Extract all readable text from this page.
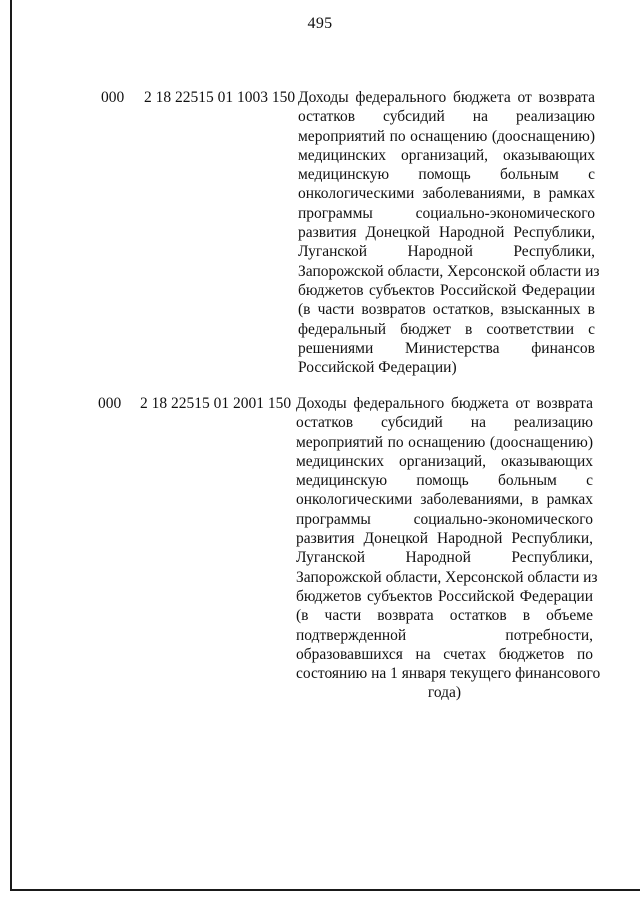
495
000 2 18 22515 01 1003 150 Доходы федерального бюджета от возврата
остатков субсидий на реализацию
мероприятий по оснащению (дооснащению)
медицинских организаций, оказывающих
медицинскую помощь больным с
онкологическими заболеваниями, в рамках
программы социально-экономического
развития Донецкой Народной Республики,
Луганской Народной Республики,
Запорожской области, Херсонской области из
бюджетов субъектов Российской Федерации
(в части возвратов остатков, взысканных в
федеральный бюджет в соответствии с
решениями Министерства финансов
Российской Федерации)
000 2 18 22515 01 2001 150 Доходы федерального бюджета от возврата
остатков субсидий на реализацию
мероприятий по оснащению (дооснащению)
медицинских организаций, оказывающих
медицинскую помощь больным с
онкологическими заболеваниями, в рамках
программы социально-экономического
развития Донецкой Народной Республики,
Луганской Народной Республики,
Запорожской области, Херсонской области из
бюджетов субъектов Российской Федерации
(в части возврата остатков в объеме
подтвержденной потребности,
образовавшихся на счетах бюджетов по
состоянию на 1 января текущего финансового
года)
